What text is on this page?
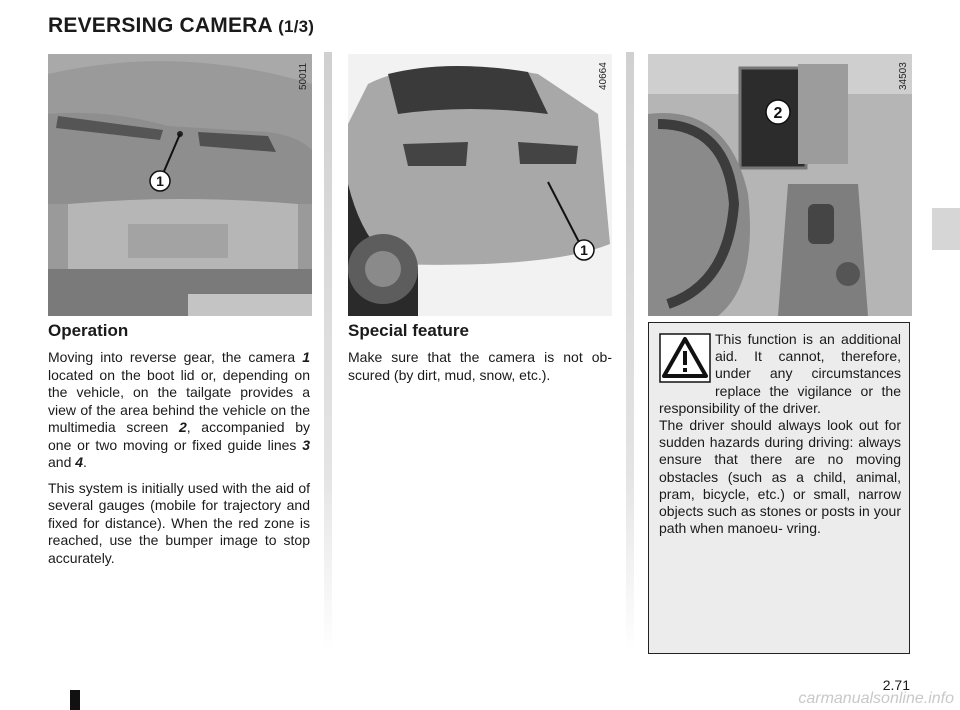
REVERSING CAMERA (1/3)
1
50011
1
40664
2
34503
Operation

Moving into reverse gear, the camera 1 located on the boot lid or, depending on the vehicle, on the tailgate provides a view of the area behind the vehicle on the multimedia screen 2, accompanied by one or two moving or fixed guide lines 3 and 4.

This system is initially used with the aid of several gauges (mobile for trajectory and fixed for distance). When the red zone is reached, use the bumper image to stop accurately.

Special feature

Make sure that the camera is not ob- scured (by dirt, mud, snow, etc.).

This function is an additional aid. It cannot, therefore, under any circumstances replace the vigilance or the responsibility of the driver.
The driver should always look out for sudden hazards during driving: always ensure that there are no moving obstacles (such as a child, animal, pram, bicycle, etc.) or small, narrow objects such as stones or posts in your path when manoeu- vring.
2.71
carmanualsonline.info
